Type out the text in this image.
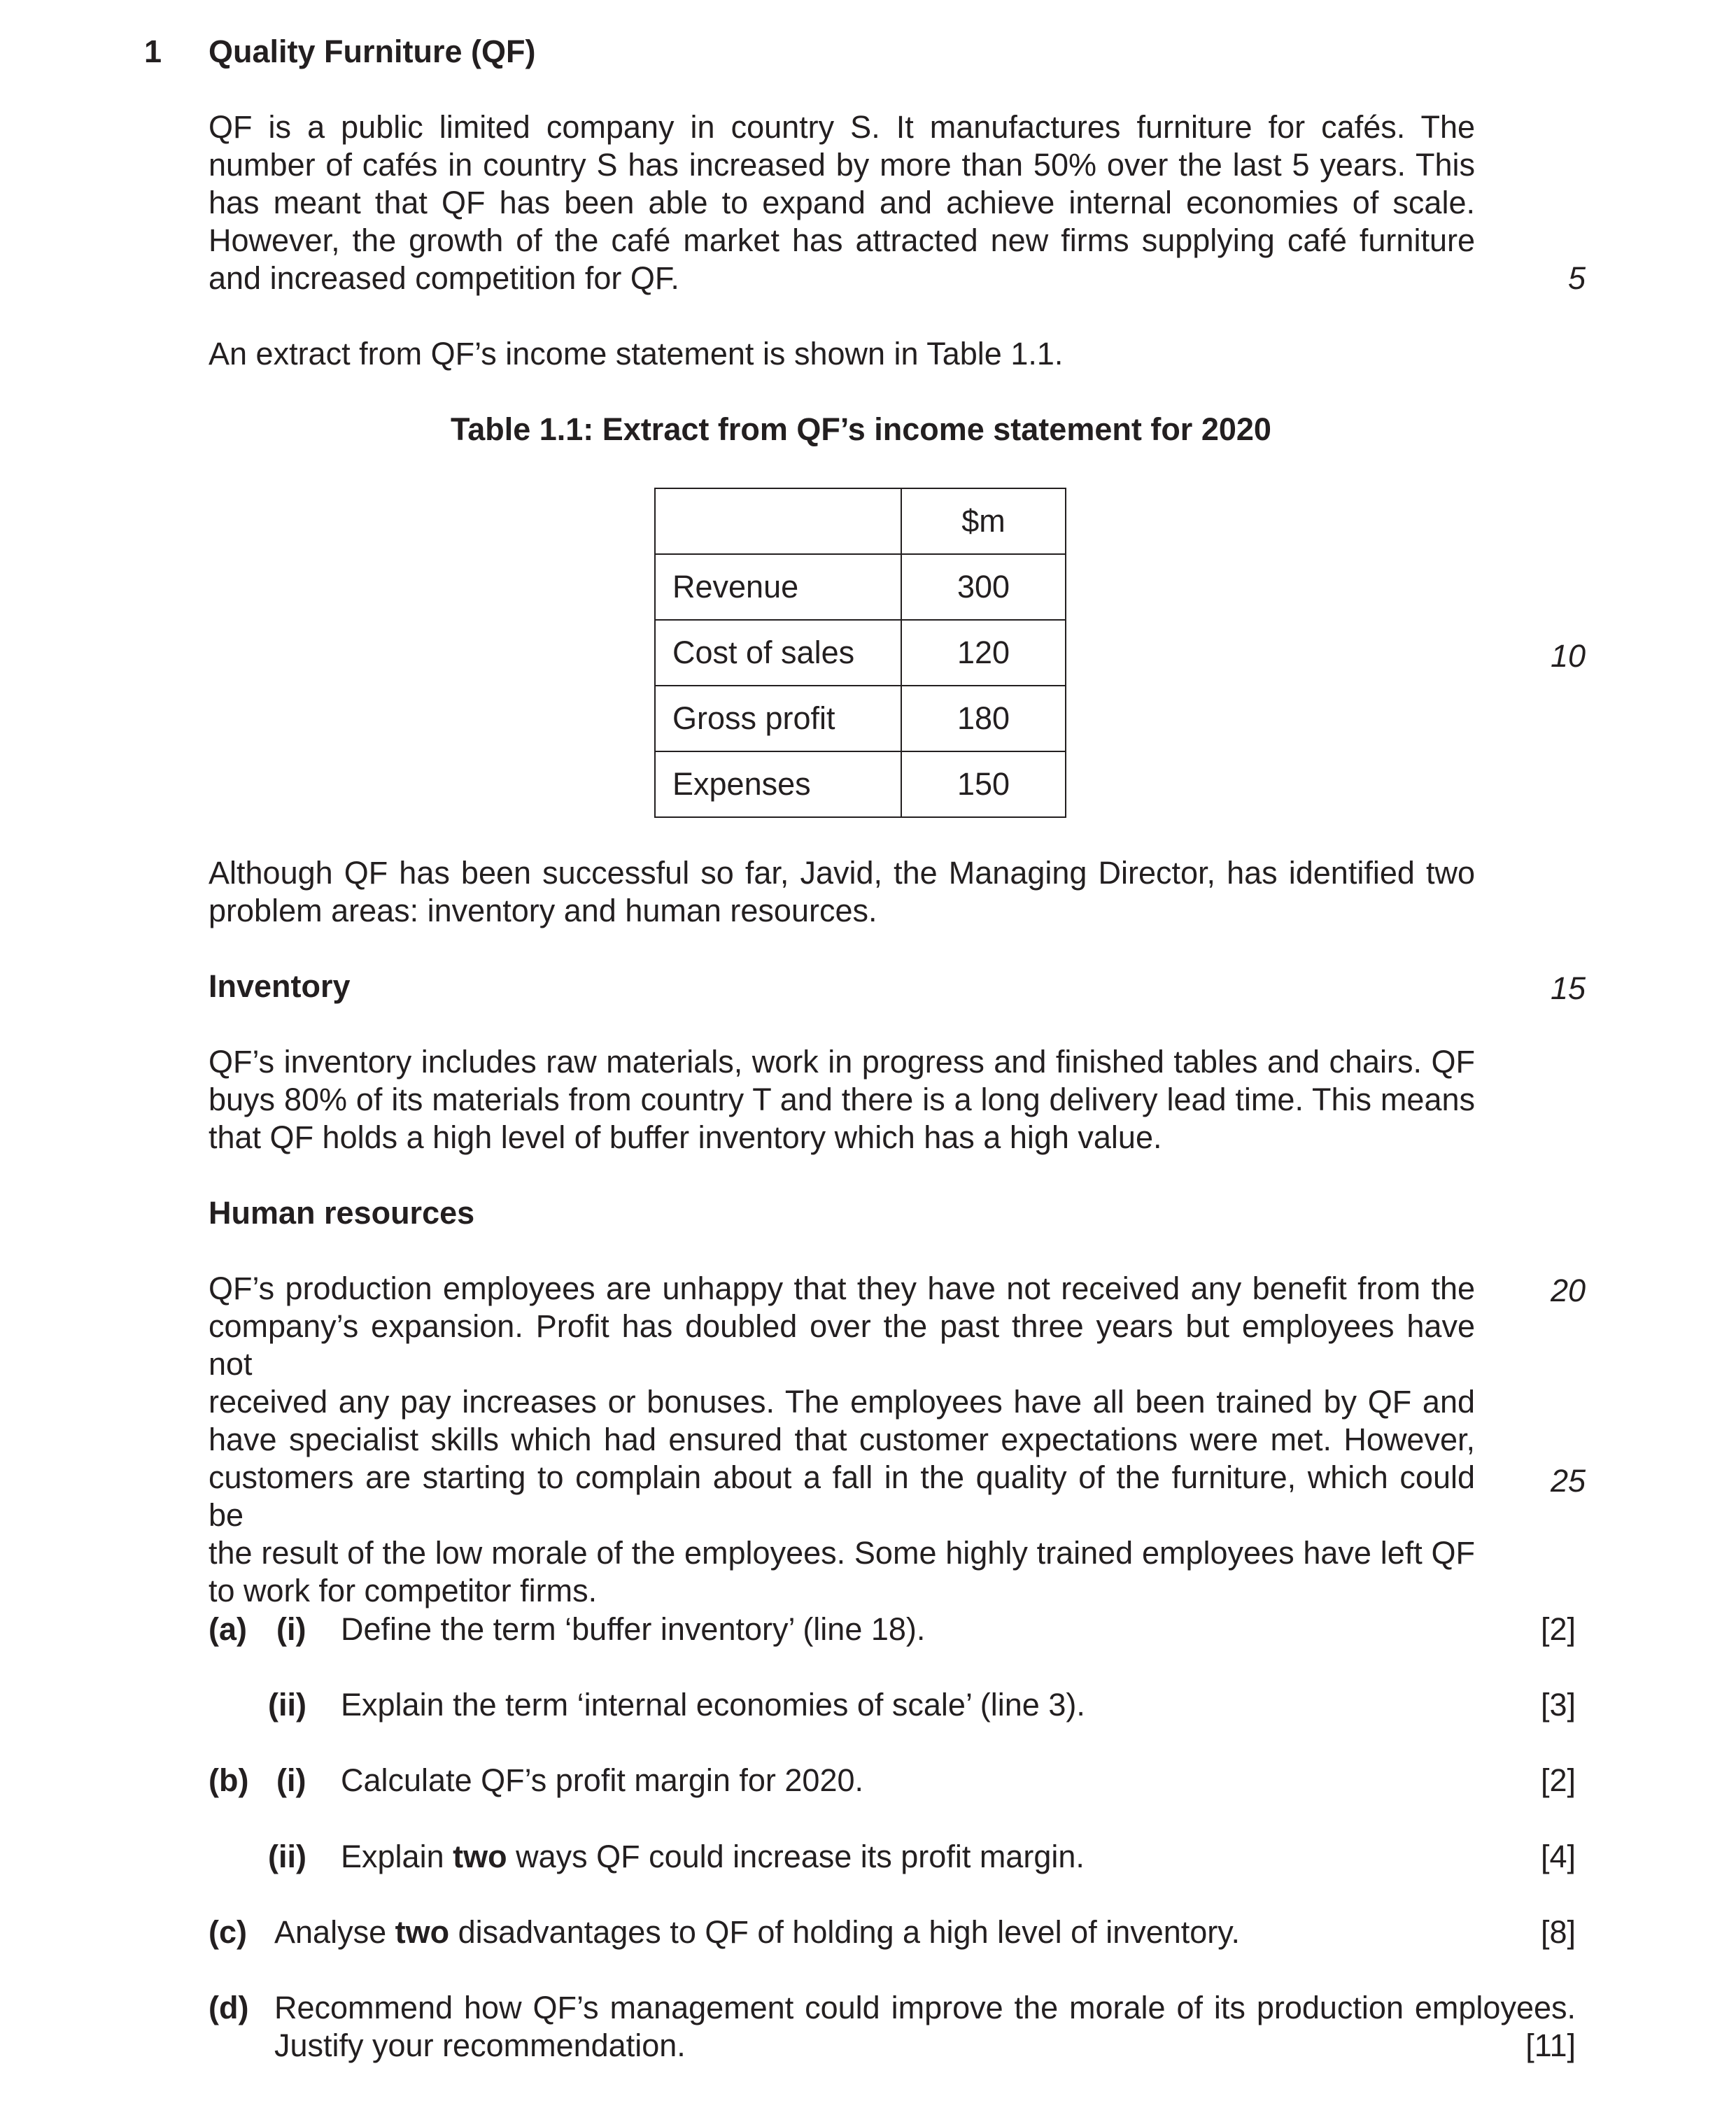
1 Quality Furniture (QF)
QF is a public limited company in country S. It manufactures furniture for cafés. The
number of cafés in country S has increased by more than 50% over the last 5 years. This
has meant that QF has been able to expand and achieve internal economies of scale.
However, the growth of the café market has attracted new firms supplying café furniture
and increased competition for QF.	5
An extract from QF’s income statement is shown in Table 1.1.
Table 1.1: Extract from QF’s income statement for 2020
	$m
Revenue	300
Cost of sales	120
Gross profit	180
Expenses	150
10
Although QF has been successful so far, Javid, the Managing Director, has identified two
problem areas: inventory and human resources.
Inventory	15
QF’s inventory includes raw materials, work in progress and finished tables and chairs. QF
buys 80% of its materials from country T and there is a long delivery lead time. This means
that QF holds a high level of buffer inventory which has a high value.
Human resources
QF’s production employees are unhappy that they have not received any benefit from the
company’s expansion. Profit has doubled over the past three years but employees have not
received any pay increases or bonuses. The employees have all been trained by QF and
have specialist skills which had ensured that customer expectations were met. However,
customers are starting to complain about a fall in the quality of the furniture, which could be
the result of the low morale of the employees. Some highly trained employees have left QF
to work for competitor firms.
20
25
(a) (i) Define the term ‘buffer inventory’ (line 18).	[2]
(ii) Explain the term ‘internal economies of scale’ (line 3).	[3]
(b) (i) Calculate QF’s profit margin for 2020.	[2]
(ii) Explain two ways QF could increase its profit margin.	[4]
(c) Analyse two disadvantages to QF of holding a high level of inventory.	[8]
(d) Recommend how QF’s management could improve the morale of its production employees.
Justify your recommendation.	[11]
